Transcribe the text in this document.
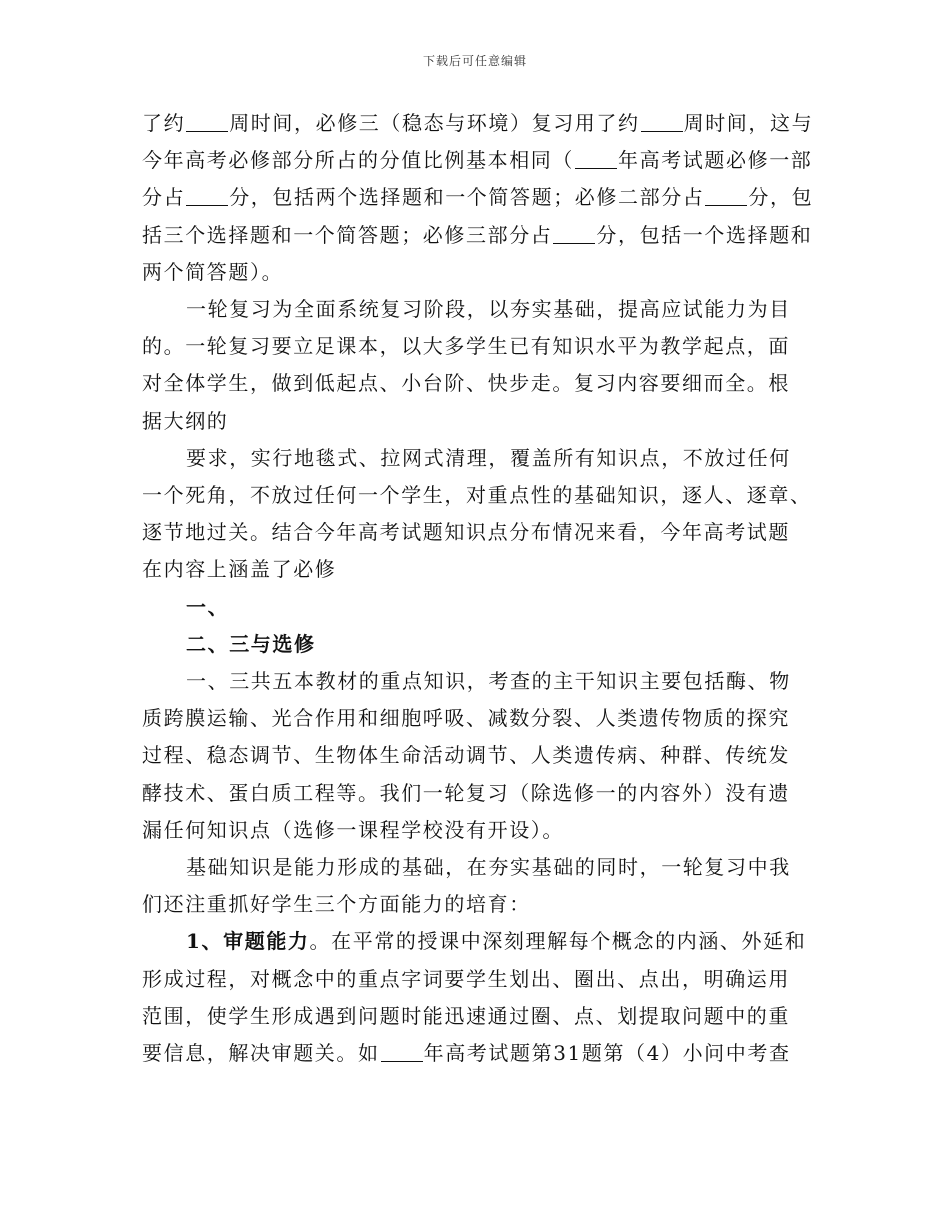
下载后可任意编辑

了约 周时间，必修三（稳态与环境）复习用了约 周时间，这与

今年高考必修部分所占的分值比例基本相同（ 年高考试题必修一部

分占 分，包括两个选择题和一个简答题；必修二部分占 分，包

括三个选择题和一个简答题；必修三部分占 分，包括一个选择题和

两个简答题）。

一轮复习为全面系统复习阶段，以夯实基础，提高应试能力为目

的。一轮复习要立足课本，以大多学生已有知识水平为教学起点，面

对全体学生，做到低起点、小台阶、快步走。复习内容要细而全。根

据大纲的

要求，实行地毯式、拉网式清理，覆盖所有知识点，不放过任何

一个死角，不放过任何一个学生，对重点性的基础知识，逐人、逐章、

逐节地过关。结合今年高考试题知识点分布情况来看，今年高考试题

在内容上涵盖了必修

一、

二、三与选修

一、三共五本教材的重点知识，考查的主干知识主要包括酶、物

质跨膜运输、光合作用和细胞呼吸、减数分裂、人类遗传物质的探究

过程、稳态调节、生物体生命活动调节、人类遗传病、种群、传统发

酵技术、蛋白质工程等。我们一轮复习（除选修一的内容外）没有遗

漏任何知识点（选修一课程学校没有开设）。

基础知识是能力形成的基础，在夯实基础的同时，一轮复习中我

们还注重抓好学生三个方面能力的培育：

1、审题能力。在平常的授课中深刻理解每个概念的内涵、外延和

形成过程，对概念中的重点字词要学生划出、圈出、点出，明确运用

范围，使学生形成遇到问题时能迅速通过圈、点、划提取问题中的重

要信息，解决审题关。如 年高考试题第31题第（4）小问中考查
